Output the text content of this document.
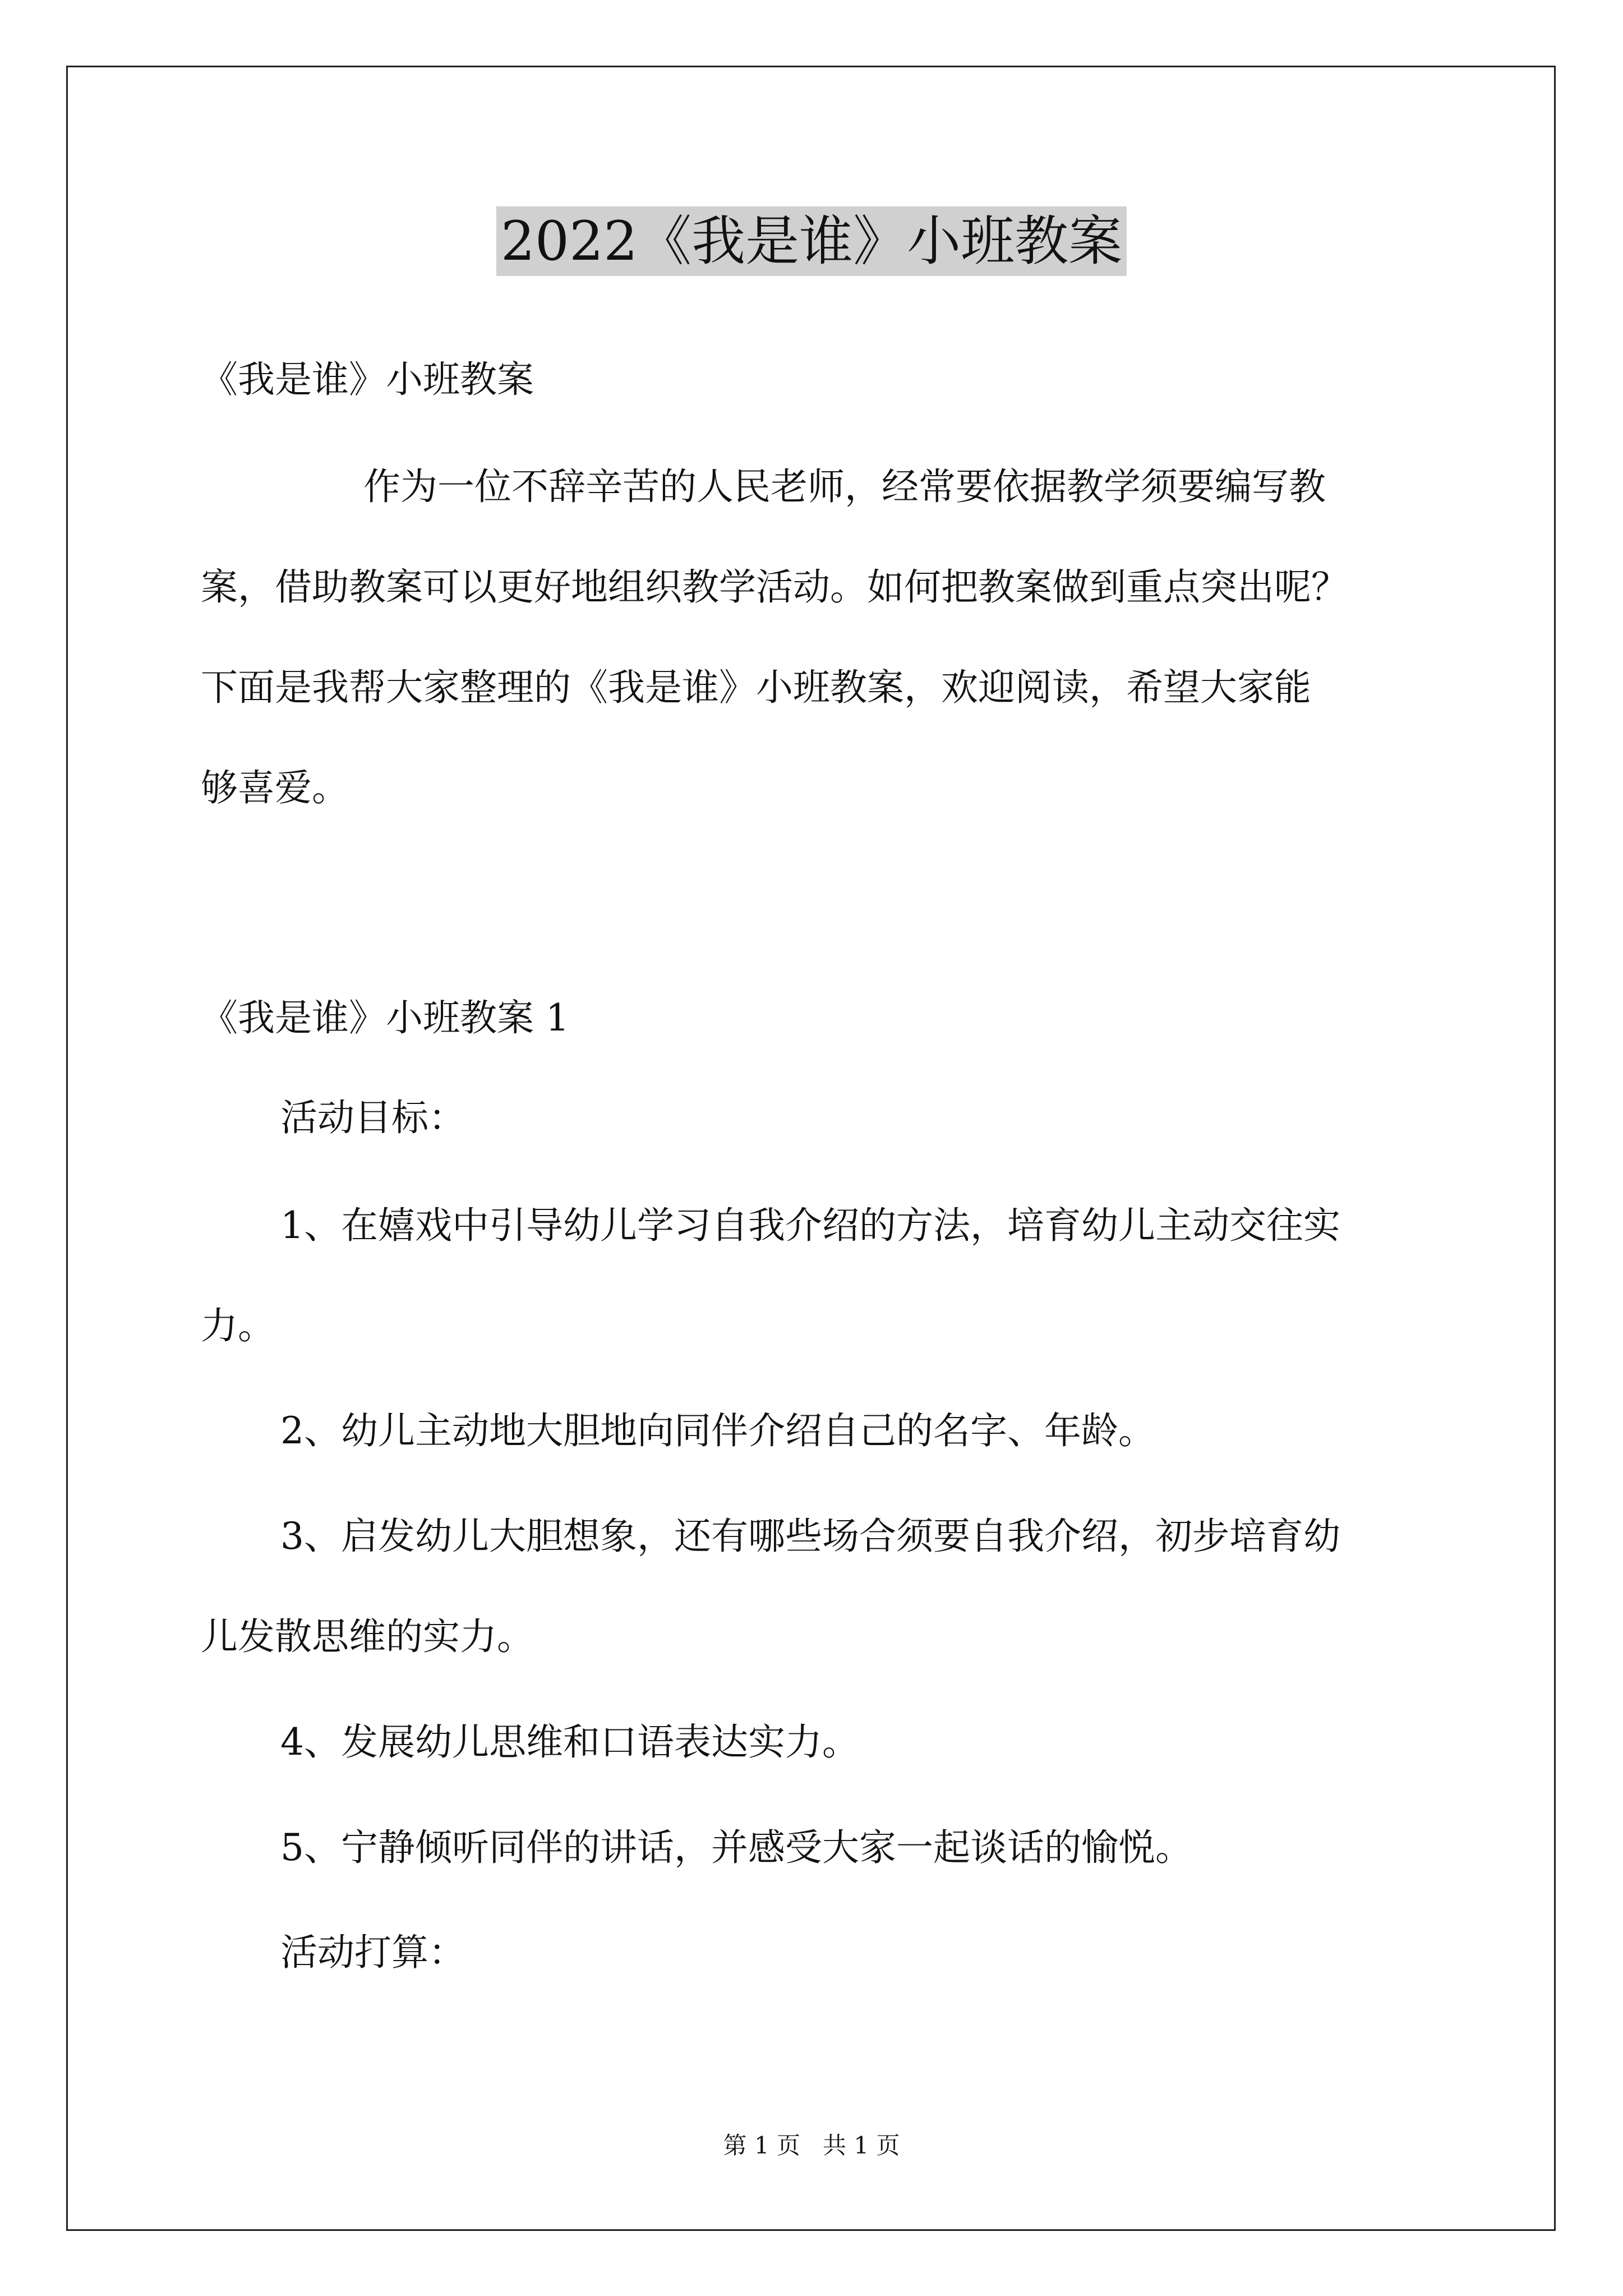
2022《我是谁》小班教案
《我是谁》小班教案
作为一位不辞辛苦的人民老师，经常要依据教学须要编写教
案，借助教案可以更好地组织教学活动。如何把教案做到重点突出呢？
下面是我帮大家整理的《我是谁》小班教案，欢迎阅读，希望大家能
够喜爱。
《我是谁》小班教案 1
活动目标：
1、在嬉戏中引导幼儿学习自我介绍的方法，培育幼儿主动交往实
力。
2、幼儿主动地大胆地向同伴介绍自己的名字、年龄。
3、启发幼儿大胆想象，还有哪些场合须要自我介绍，初步培育幼
儿发散思维的实力。
4、发展幼儿思维和口语表达实力。
5、宁静倾听同伴的讲话，并感受大家一起谈话的愉悦。
活动打算：
第 1 页   共 1 页
